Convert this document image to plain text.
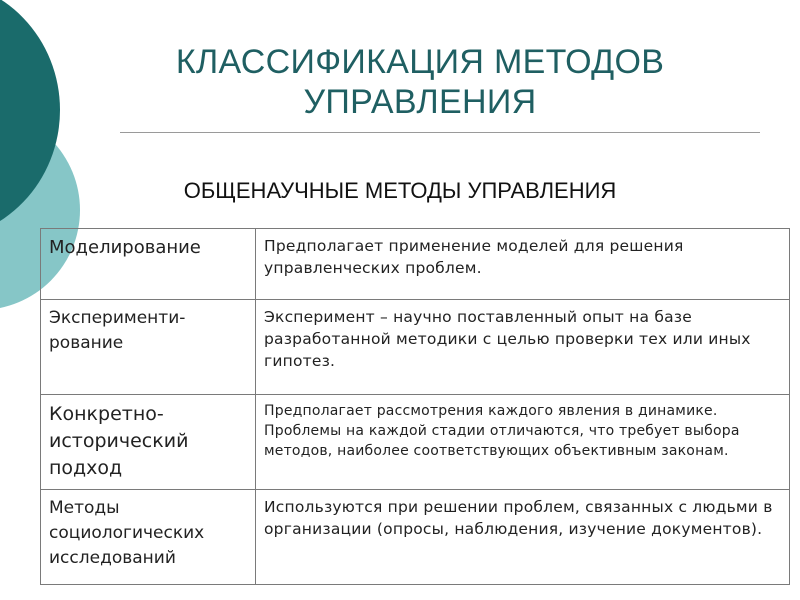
КЛАССИФИКАЦИЯ МЕТОДОВ
УПРАВЛЕНИЯ
ОБЩЕНАУЧНЫЕ МЕТОДЫ УПРАВЛЕНИЯ
Моделирование	Предполагает применение моделей для решения управленческих проблем.
Эксперименти-
рование	Эксперимент – научно поставленный опыт на базе разработанной методики с целью проверки тех или иных гипотез.
Конкретно-
исторический
подход	Предполагает рассмотрения каждого явления в динамике. Проблемы на каждой стадии отличаются, что требует выбора методов, наиболее соответствующих объективным законам.
Методы
социологических
исследований	Используются при решении проблем, связанных с людьми в организации (опросы, наблюдения, изучение документов).
